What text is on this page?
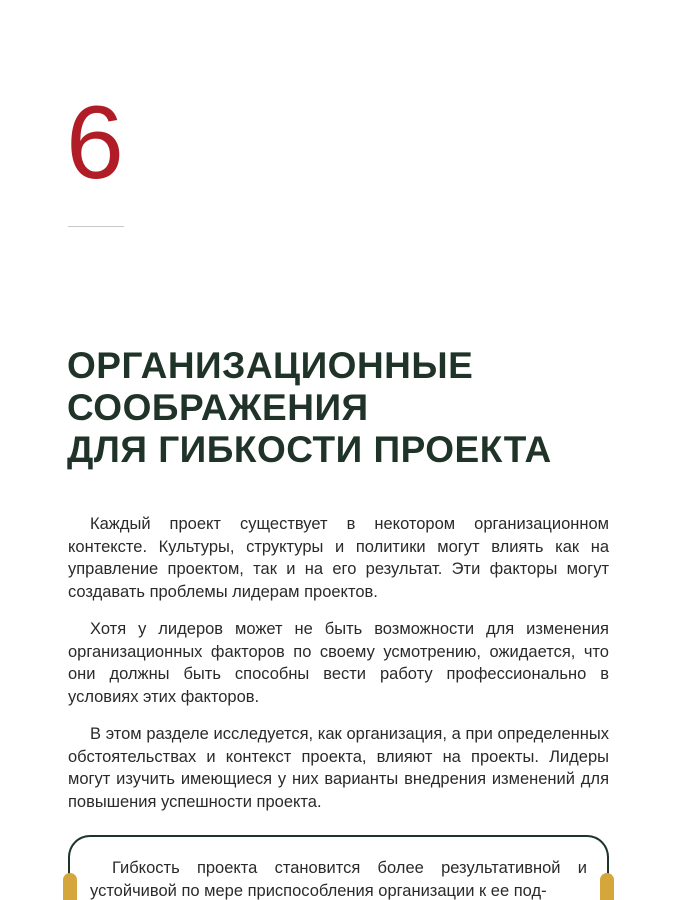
6
ОРГАНИЗАЦИОННЫЕ
СООБРАЖЕНИЯ
ДЛЯ ГИБКОСТИ ПРОЕКТА

Каждый проект существует в некотором организационном контексте. Культуры, структуры и политики могут влиять как на управление проектом, так и на его результат. Эти факторы могут создавать проблемы лидерам проектов.

Хотя у лидеров может не быть возможности для изменения организационных факторов по своему усмотрению, ожидается, что они должны быть способны вести работу профессионально в условиях этих факторов.

В этом разделе исследуется, как организация, а при определенных обстоятельствах и контекст проекта, влияют на проекты. Лидеры могут изучить имеющиеся у них варианты внедрения изменений для повышения успешности проекта.

Гибкость проекта становится более результативной и устойчивой по мере приспособления организации к ее под-
